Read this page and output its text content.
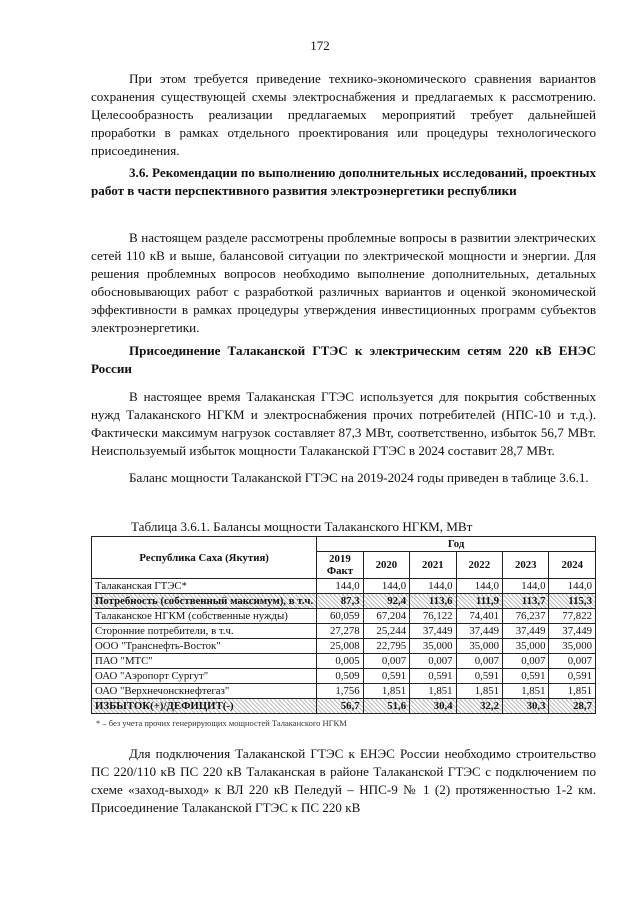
172

При этом требуется приведение технико-экономического сравнения вариантов сохранения существующей схемы электроснабжения и предлагаемых к рассмотрению. Целесообразность реализации предлагаемых мероприятий требует дальнейшей проработки в рамках отдельного проектирования или процедуры технологического присоединения.

3.6. Рекомендации по выполнению дополнительных исследований, проектных работ в части перспективного развития электроэнергетики республики

В настоящем разделе рассмотрены проблемные вопросы в развитии электрических сетей 110 кВ и выше, балансовой ситуации по электрической мощности и энергии. Для решения проблемных вопросов необходимо выполнение дополнительных, детальных обосновывающих работ с разработкой различных вариантов и оценкой экономической эффективности в рамках процедуры утверждения инвестиционных программ субъектов электроэнергетики.

Присоединение Талаканской ГТЭС к электрическим сетям 220 кВ ЕНЭС России

В настоящее время Талаканская ГТЭС используется для покрытия собственных нужд Талаканского НГКМ и электроснабжения прочих потребителей (НПС-10 и т.д.). Фактически максимум нагрузок составляет 87,3 МВт, соответственно, избыток 56,7 МВт. Неиспользуемый избыток мощности Талаканской ГТЭС в 2024 составит 28,7 МВт.

Баланс мощности Талаканской ГТЭС на 2019-2024 годы приведен в таблице 3.6.1.

Таблица 3.6.1. Балансы мощности Талаканского НГКМ, МВт
Республика Саха (Якутия)	Год					
	2019 Факт	2020	2021	2022	2023	2024
Талаканская ГТЭС*	144,0	144,0	144,0	144,0	144,0	144,0
Потребность (собственный максимум), в т.ч.	87,3	92,4	113,6	111,9	113,7	115,3
Талаканское НГКМ (собственные нужды)	60,059	67,204	76,122	74,401	76,237	77,822
Сторонние потребители, в т.ч.	27,278	25,244	37,449	37,449	37,449	37,449
ООО "Транснефть-Восток"	25,008	22,795	35,000	35,000	35,000	35,000
ПАО "МТС"	0,005	0,007	0,007	0,007	0,007	0,007
ОАО "Аэропорт Сургут"	0,509	0,591	0,591	0,591	0,591	0,591
ОАО "Верхнечонскнефтегаз"	1,756	1,851	1,851	1,851	1,851	1,851
ИЗБЫТОК(+)/ДЕФИЦИТ(-)	56,7	51,6	30,4	32,2	30,3	28,7
* – без учета прочих генерирующих мощностей Талаканского НГКМ

Для подключения Талаканской ГТЭС к ЕНЭС России необходимо строительство ПС 220/110 кВ ПС 220 кВ Талаканская в районе Талаканской ГТЭС с подключением по схеме «заход-выход» к ВЛ 220 кВ Пеледуй – НПС-9 № 1 (2) протяженностью 1-2 км. Присоединение Талаканской ГТЭС к ПС 220 кВ
